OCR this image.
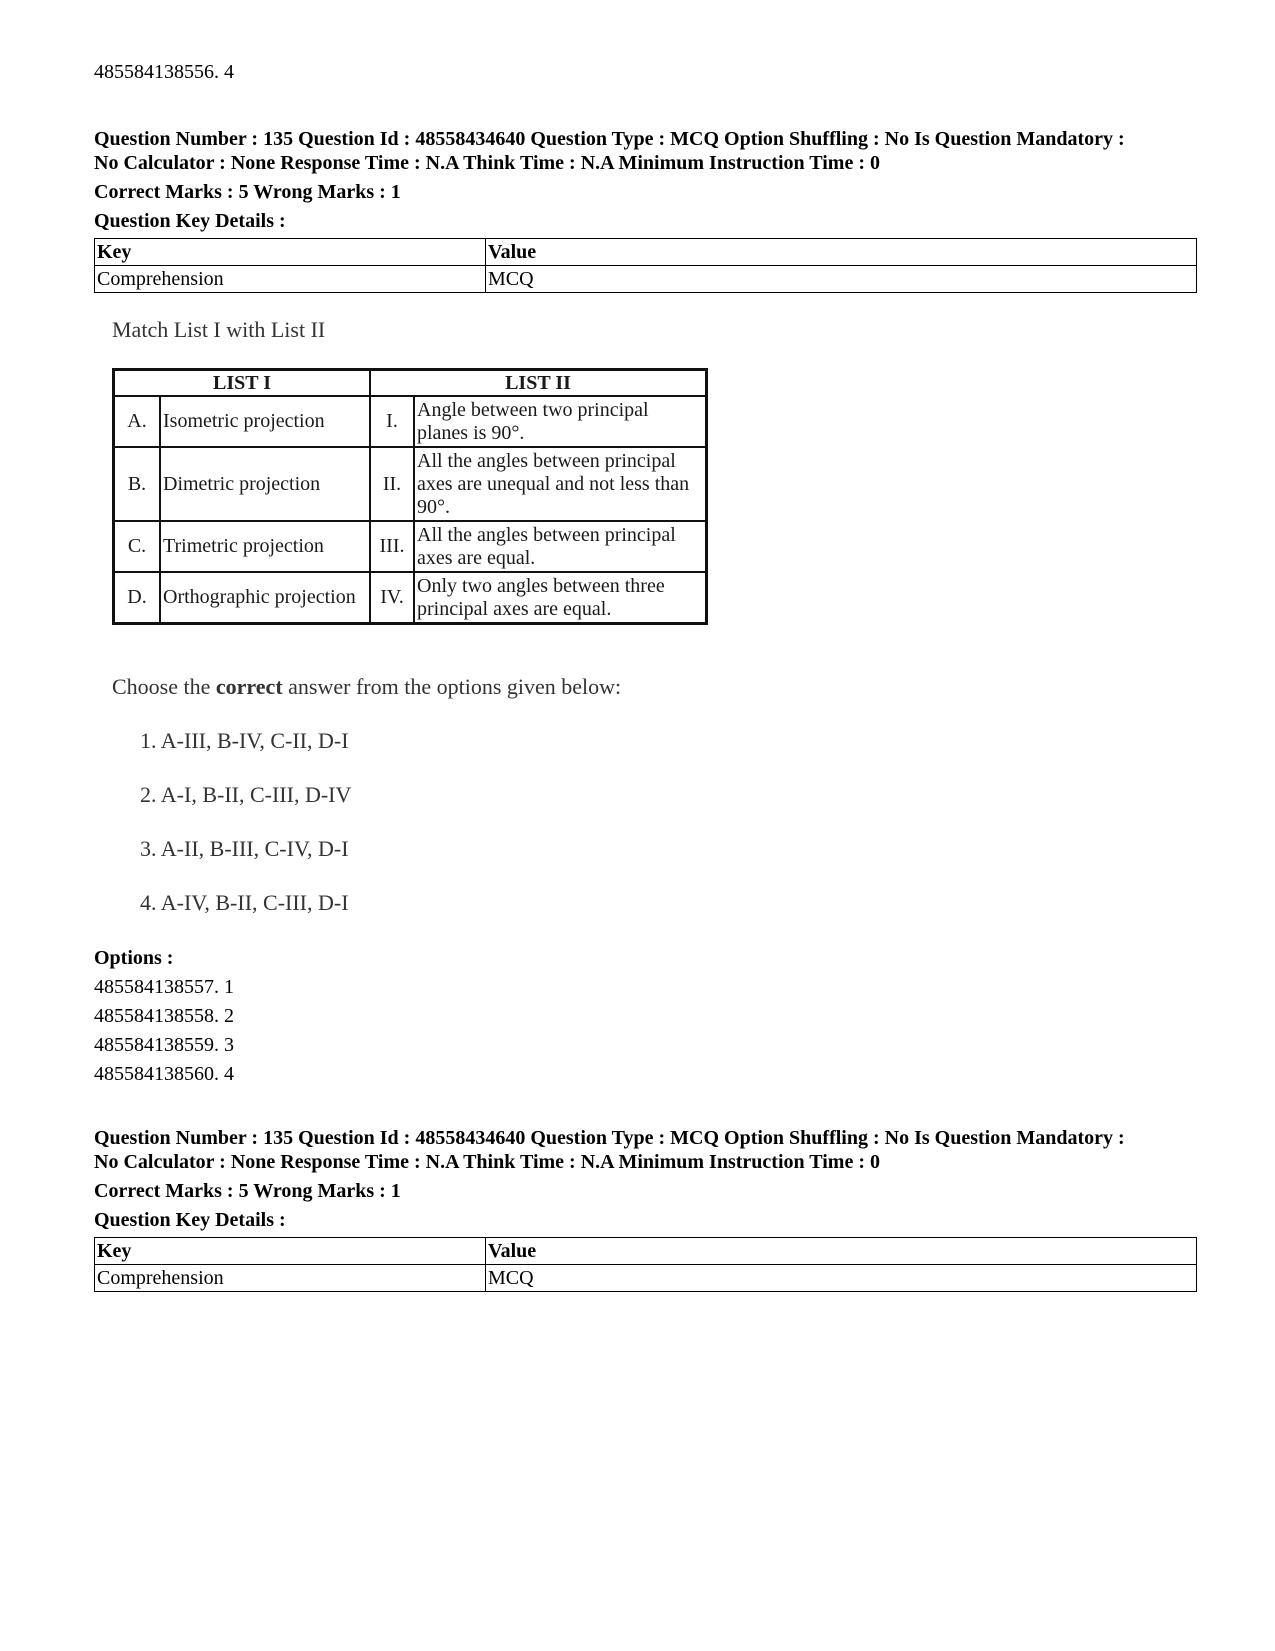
485584138556. 4
Question Number : 135 Question Id : 48558434640 Question Type : MCQ Option Shuffling : No Is Question Mandatory :
No Calculator : None Response Time : N.A Think Time : N.A Minimum Instruction Time : 0
Correct Marks : 5 Wrong Marks : 1
Question Key Details :
Key	Value
Comprehension	MCQ
Match List I with List II
LIST I		LIST II	
A.	Isometric projection	I.	Angle between two principal planes is 90°.
B.	Dimetric projection	II.	All the angles between principal axes are unequal and not less than 90°.
C.	Trimetric projection	III.	All the angles between principal axes are equal.
D.	Orthographic projection	IV.	Only two angles between three principal axes are equal.
Choose the correct answer from the options given below:
1. A-III, B-IV, C-II, D-I
2. A-I, B-II, C-III, D-IV
3. A-II, B-III, C-IV, D-I
4. A-IV, B-II, C-III, D-I
Options :
485584138557. 1
485584138558. 2
485584138559. 3
485584138560. 4
Question Number : 135 Question Id : 48558434640 Question Type : MCQ Option Shuffling : No Is Question Mandatory :
No Calculator : None Response Time : N.A Think Time : N.A Minimum Instruction Time : 0
Correct Marks : 5 Wrong Marks : 1
Question Key Details :
Key	Value
Comprehension	MCQ
